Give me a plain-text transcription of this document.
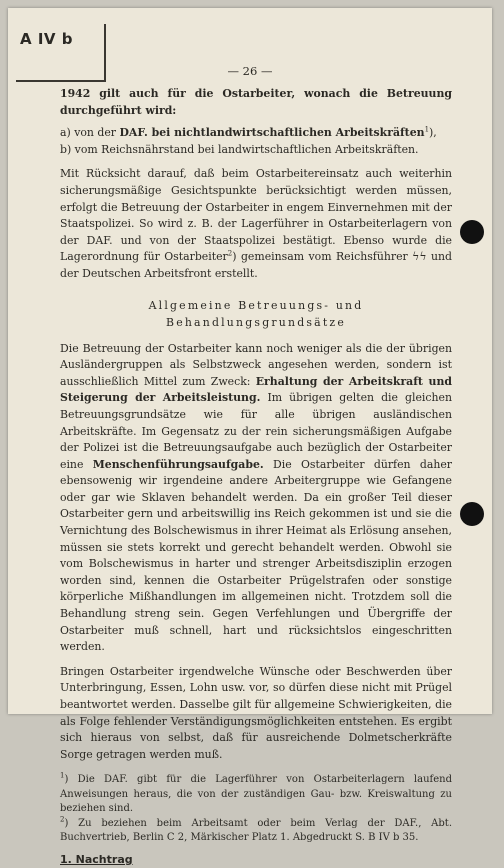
A IV b
— 26 —

1942 gilt auch für die Ostarbeiter, wonach die Betreuung durchgeführt wird:

a) von der DAF. bei nichtlandwirtschaftlichen Arbeitskräften$^1$),

b) vom Reichsnährstand bei landwirtschaftlichen Arbeitskräften.

Mit Rücksicht darauf, daß beim Ostarbeitereinsatz auch weiterhin sicherungsmäßige Gesichtspunkte berücksichtigt werden müssen, erfolgt die Betreuung der Ostarbeiter in engem Einvernehmen mit der Staatspolizei. So wird z. B. der Lagerführer in Ostarbeiterlagern von der DAF. und von der Staatspolizei bestätigt. Ebenso wurde die Lagerordnung für Ostarbeiter$^2$) gemeinsam vom Reichsführer ϟϟ und der Deutschen Arbeitsfront erstellt.

Allgemeine Betreuungs- und Behandlungsgrundsätze

Die Betreuung der Ostarbeiter kann noch weniger als die der übrigen Ausländergruppen als Selbstzweck angesehen werden, sondern ist ausschließlich Mittel zum Zweck: Erhaltung der Arbeitskraft und Steigerung der Arbeitsleistung. Im übrigen gelten die gleichen Betreuungsgrundsätze wie für alle übrigen ausländischen Arbeitskräfte. Im Gegensatz zu der rein sicherungsmäßigen Aufgabe der Polizei ist die Betreuungsaufgabe auch bezüglich der Ostarbeiter eine Menschenführungsaufgabe. Die Ostarbeiter dürfen daher ebensowenig wir irgendeine andere Arbeitergruppe wie Gefangene oder gar wie Sklaven behandelt werden. Da ein großer Teil dieser Ostarbeiter gern und arbeitswillig ins Reich gekommen ist und sie die Vernichtung des Bolschewismus in ihrer Heimat als Erlösung ansehen, müssen sie stets korrekt und gerecht behandelt werden. Obwohl sie vom Bolschewismus in harter und strenger Arbeitsdisziplin erzogen worden sind, kennen die Ostarbeiter Prügelstrafen oder sonstige körperliche Mißhandlungen im allgemeinen nicht. Trotzdem soll die Behandlung streng sein. Gegen Verfehlungen und Übergriffe der Ostarbeiter muß schnell, hart und rücksichtslos eingeschritten werden.

Bringen Ostarbeiter irgendwelche Wünsche oder Beschwerden über Unterbringung, Essen, Lohn usw. vor, so dürfen diese nicht mit Prügel beantwortet werden. Dasselbe gilt für allgemeine Schwierigkeiten, die als Folge fehlender Verständigungsmöglichkeiten entstehen. Es ergibt sich hieraus von selbst, daß für ausreichende Dolmetscherkräfte Sorge getragen werden muß.

$^1$) Die DAF. gibt für die Lagerführer von Ostarbeiterlagern laufend Anweisungen heraus, die von der zuständigen Gau- bzw. Kreiswaltung zu beziehen sind.

$^2$) Zu beziehen beim Arbeitsamt oder beim Verlag der DAF., Abt. Buchvertrieb, Berlin C 2, Märkischer Platz 1. Abgedruckt S. B IV b 35.

1. Nachtrag
